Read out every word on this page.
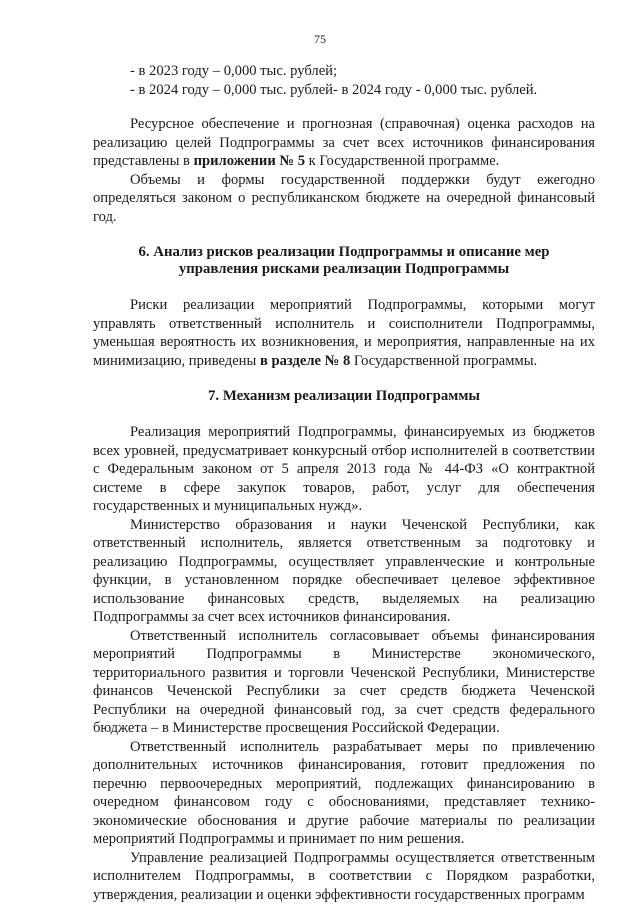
75

- в 2023 году – 0,000 тыс. рублей;

- в 2024 году – 0,000 тыс. рублей- в 2024 году - 0,000 тыс. рублей.

Ресурсное обеспечение и прогнозная (справочная) оценка расходов на реализацию целей Подпрограммы за счет всех источников финансирования представлены в приложении № 5 к Государственной программе.

Объемы и формы государственной поддержки будут ежегодно определяться законом о республиканском бюджете на очередной финансовый год.

6. Анализ рисков реализации Подпрограммы и описание мер
управления рисками реализации Подпрограммы

Риски реализации мероприятий Подпрограммы, которыми могут управлять ответственный исполнитель и соисполнители Подпрограммы, уменьшая вероятность их возникновения, и мероприятия, направленные на их минимизацию, приведены в разделе № 8 Государственной программы.

7. Механизм реализации Подпрограммы

Реализация мероприятий Подпрограммы, финансируемых из бюджетов всех уровней, предусматривает конкурсный отбор исполнителей в соответствии с Федеральным законом от 5 апреля 2013 года № 44-ФЗ «О контрактной системе в сфере закупок товаров, работ, услуг для обеспечения государственных и муниципальных нужд».

Министерство образования и науки Чеченской Республики, как ответственный исполнитель, является ответственным за подготовку и реализацию Подпрограммы, осуществляет управленческие и контрольные функции, в установленном порядке обеспечивает целевое эффективное использование финансовых средств, выделяемых на реализацию Подпрограммы за счет всех источников финансирования.

Ответственный исполнитель согласовывает объемы финансирования мероприятий Подпрограммы в Министерстве экономического, территориального развития и торговли Чеченской Республики, Министерстве финансов Чеченской Республики за счет средств бюджета Чеченской Республики на очередной финансовый год, за счет средств федерального бюджета – в Министерстве просвещения Российской Федерации.

Ответственный исполнитель разрабатывает меры по привлечению дополнительных источников финансирования, готовит предложения по перечню первоочередных мероприятий, подлежащих финансированию в очередном финансовом году с обоснованиями, представляет технико-экономические обоснования и другие рабочие материалы по реализации мероприятий Подпрограммы и принимает по ним решения.

Управление реализацией Подпрограммы осуществляется ответственным исполнителем Подпрограммы, в соответствии с Порядком разработки, утверждения, реализации и оценки эффективности государственных программ
